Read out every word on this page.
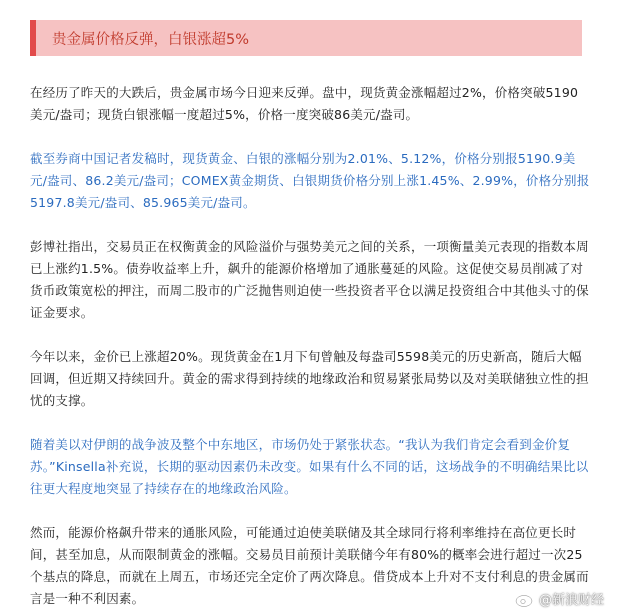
贵金属价格反弹，白银涨超5%

在经历了昨天的大跌后，贵金属市场今日迎来反弹。盘中，现货黄金涨幅超过2%，价格突破5190美元/盎司；现货白银涨幅一度超过5%，价格一度突破86美元/盎司。

截至券商中国记者发稿时，现货黄金、白银的涨幅分别为2.01%、5.12%，价格分别报5190.9美元/盎司、86.2美元/盎司；COMEX黄金期货、白银期货价格分别上涨1.45%、2.99%，价格分别报5197.8美元/盎司、85.965美元/盎司。

彭博社指出，交易员正在权衡黄金的风险溢价与强势美元之间的关系，一项衡量美元表现的指数本周已上涨约1.5%。债券收益率上升，飙升的能源价格增加了通胀蔓延的风险。这促使交易员削减了对货币政策宽松的押注，而周二股市的广泛抛售则迫使一些投资者平仓以满足投资组合中其他头寸的保证金要求。

今年以来，金价已上涨超20%。现货黄金在1月下旬曾触及每盎司5598美元的历史新高，随后大幅回调，但近期又持续回升。黄金的需求得到持续的地缘政治和贸易紧张局势以及对美联储独立性的担忧的支撑。

随着美以对伊朗的战争波及整个中东地区，市场仍处于紧张状态。“我认为我们肯定会看到金价复苏。”Kinsella补充说，长期的驱动因素仍未改变。如果有什么不同的话，这场战争的不明确结果比以往更大程度地突显了持续存在的地缘政治风险。

然而，能源价格飙升带来的通胀风险，可能通过迫使美联储及其全球同行将利率维持在高位更长时间，甚至加息，从而限制黄金的涨幅。交易员目前预计美联储今年有80%的概率会进行超过一次25个基点的降息，而就在上周五，市场还完全定价了两次降息。借贷成本上升对不支付利息的贵金属而言是一种不利因素。	@新浪财经
